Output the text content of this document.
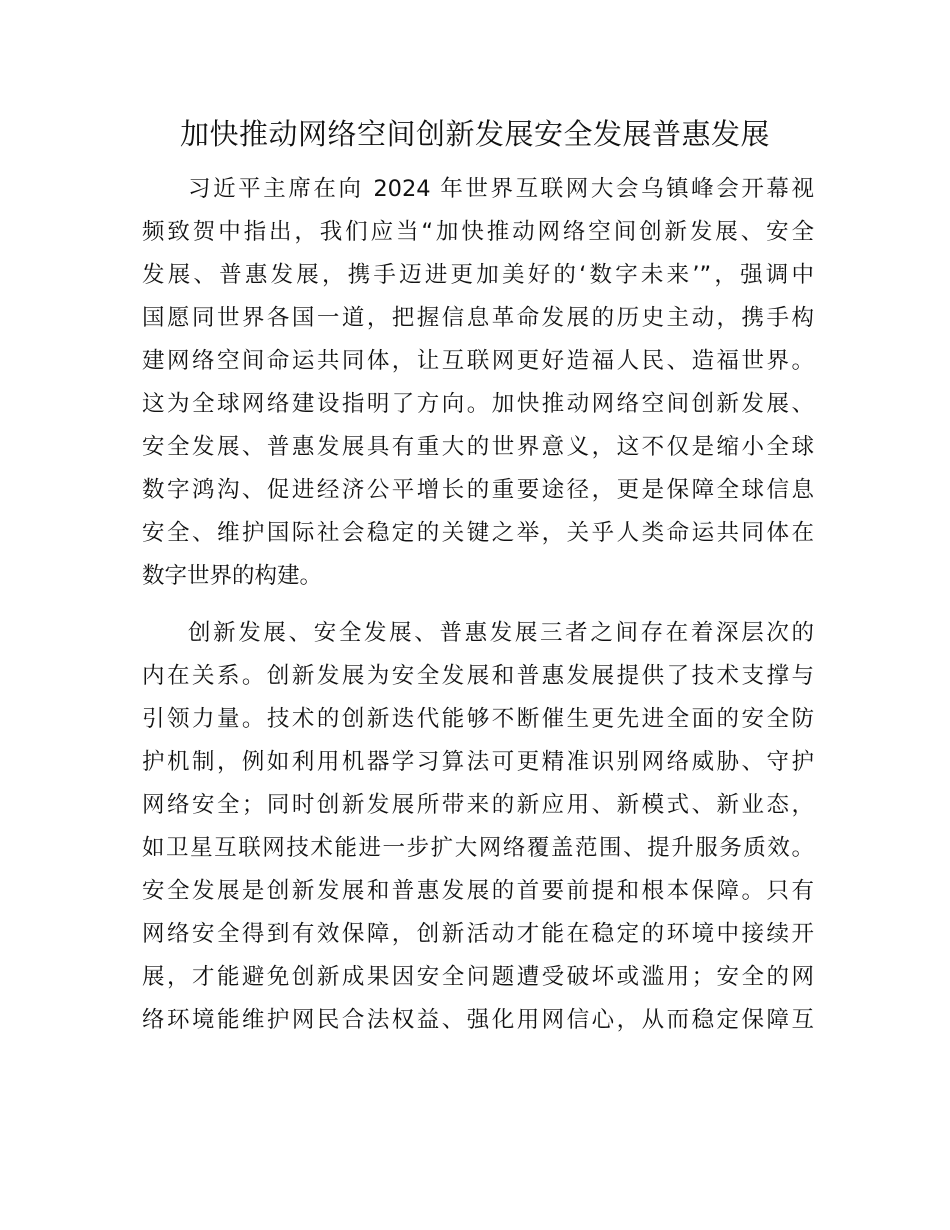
加快推动网络空间创新发展安全发展普惠发展
习近平主席在向 2024 年世界互联网大会乌镇峰会开幕视
频致贺中指出，我们应当“加快推动网络空间创新发展、安全
发展、普惠发展，携手迈进更加美好的‘数字未来’”，强调中
国愿同世界各国一道，把握信息革命发展的历史主动，携手构
建网络空间命运共同体，让互联网更好造福人民、造福世界。
这为全球网络建设指明了方向。加快推动网络空间创新发展、
安全发展、普惠发展具有重大的世界意义，这不仅是缩小全球
数字鸿沟、促进经济公平增长的重要途径，更是保障全球信息
安全、维护国际社会稳定的关键之举，关乎人类命运共同体在
数字世界的构建。
创新发展、安全发展、普惠发展三者之间存在着深层次的
内在关系。创新发展为安全发展和普惠发展提供了技术支撑与
引领力量。技术的创新迭代能够不断催生更先进全面的安全防
护机制，例如利用机器学习算法可更精准识别网络威胁、守护
网络安全；同时创新发展所带来的新应用、新模式、新业态，
如卫星互联网技术能进一步扩大网络覆盖范围、提升服务质效。
安全发展是创新发展和普惠发展的首要前提和根本保障。只有
网络安全得到有效保障，创新活动才能在稳定的环境中接续开
展，才能避免创新成果因安全问题遭受破坏或滥用；安全的网
络环境能维护网民合法权益、强化用网信心，从而稳定保障互
